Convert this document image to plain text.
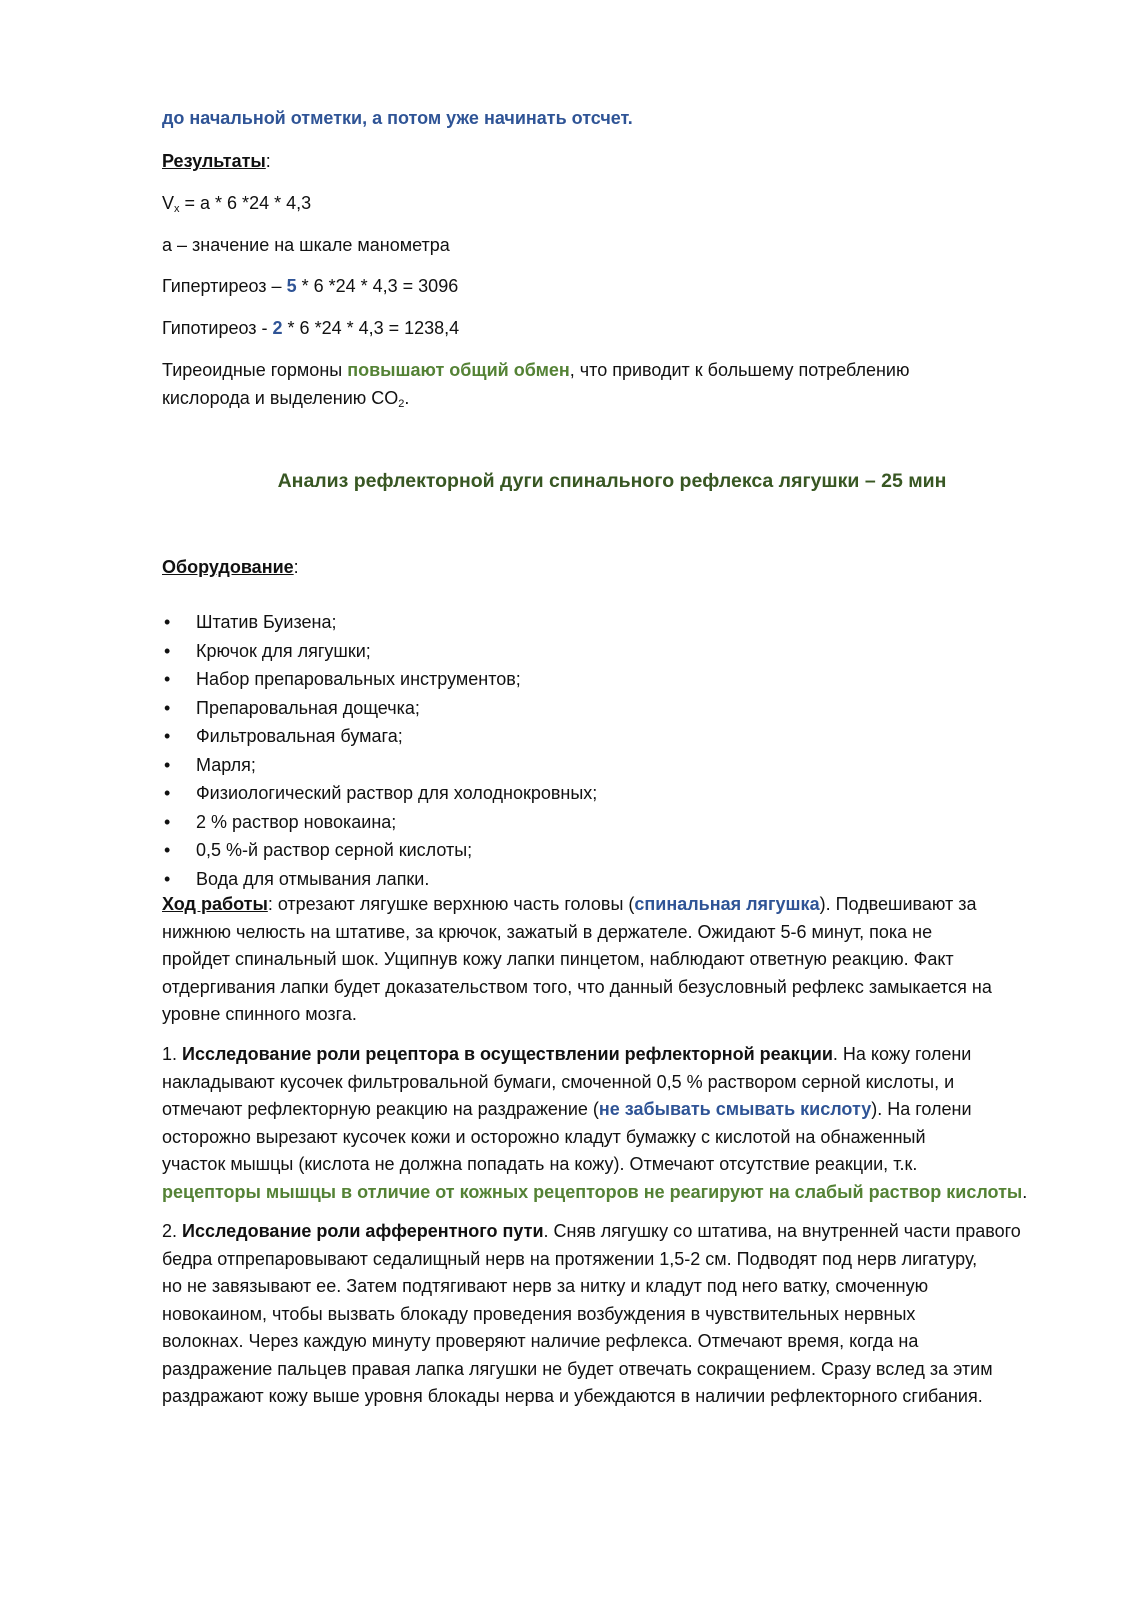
до начальной отметки, а потом уже начинать отсчет.
Результаты:
$V_x = a * 6$ *24 * 4,3
a – значение на шкале манометра
Гипертиреоз – 5 * 6 *24 * 4,3 = 3096
Гипотиреоз - 2 * 6 *24 * 4,3 = 1238,4
Тиреоидные гормоны повышают общий обмен, что приводит к большему потреблению
кислорода и выделению $CO_2$.
Анализ рефлекторной дуги спинального рефлекса лягушки – 25 мин
Оборудование:
• Штатив Буизена;
• Крючок для лягушки;
• Набор препаровальных инструментов;
• Препаровальная дощечка;
• Фильтровальная бумага;
• Марля;
• Физиологический раствор для холоднокровных;
• 2 % раствор новокаина;
• 0,5 %-й раствор серной кислоты;
• Вода для отмывания лапки.
Ход работы: отрезают лягушке верхнюю часть головы (спинальная лягушка). Подвешивают за
нижнюю челюсть на штативе, за крючок, зажатый в держателе. Ожидают 5-6 минут, пока не
пройдет спинальный шок. Ущипнув кожу лапки пинцетом, наблюдают ответную реакцию. Факт
отдергивания лапки будет доказательством того, что данный безусловный рефлекс замыкается на
уровне спинного мозга.
1. Исследование роли рецептора в осуществлении рефлекторной реакции. На кожу голени
накладывают кусочек фильтровальной бумаги, смоченной 0,5 % раствором серной кислоты, и
отмечают рефлекторную реакцию на раздражение (не забывать смывать кислоту). На голени
осторожно вырезают кусочек кожи и осторожно кладут бумажку с кислотой на обнаженный
участок мышцы (кислота не должна попадать на кожу). Отмечают отсутствие реакции, т.к.
рецепторы мышцы в отличие от кожных рецепторов не реагируют на слабый раствор кислоты.
2. Исследование роли афферентного пути. Сняв лягушку со штатива, на внутренней части правого
бедра отпрепаровывают седалищный нерв на протяжении 1,5-2 см. Подводят под нерв лигатуру,
но не завязывают ее. Затем подтягивают нерв за нитку и кладут под него ватку, смоченную
новокаином, чтобы вызвать блокаду проведения возбуждения в чувствительных нервных
волокнах. Через каждую минуту проверяют наличие рефлекса. Отмечают время, когда на
раздражение пальцев правая лапка лягушки не будет отвечать сокращением. Сразу вслед за этим
раздражают кожу выше уровня блокады нерва и убеждаются в наличии рефлекторного сгибания.
